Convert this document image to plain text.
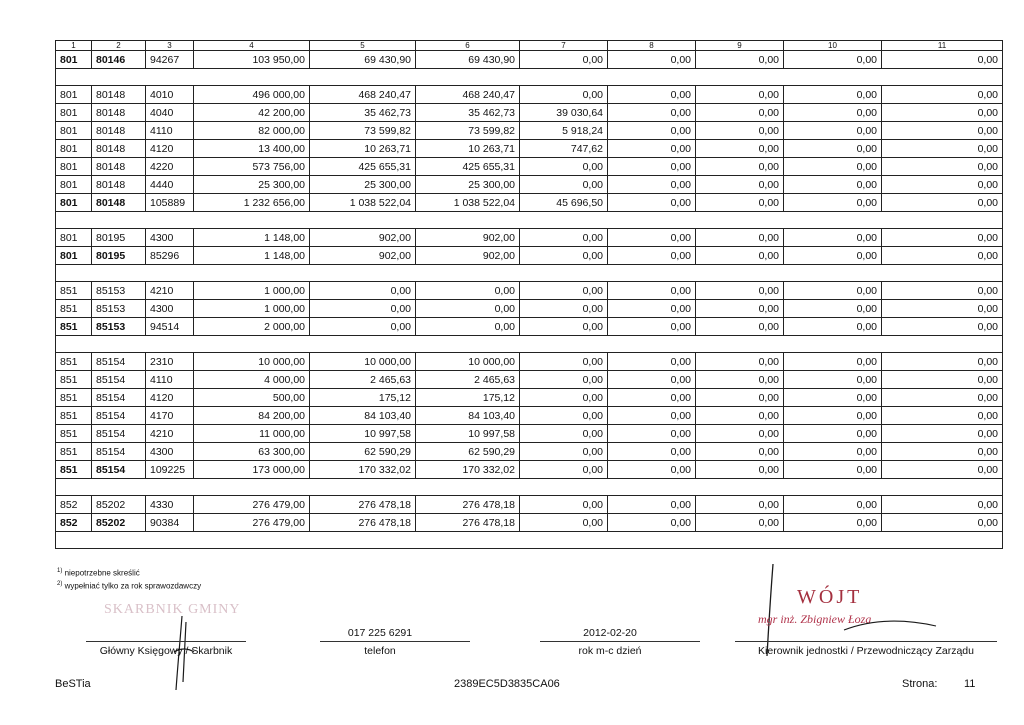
1	2	3	4	5	6	7	8	9	10	11
801	80146	94267	103 950,00	69 430,90	69 430,90	0,00	0,00	0,00	0,00	0,00

801	80148	4010	496 000,00	468 240,47	468 240,47	0,00	0,00	0,00	0,00	0,00
801	80148	4040	42 200,00	35 462,73	35 462,73	39 030,64	0,00	0,00	0,00	0,00
801	80148	4110	82 000,00	73 599,82	73 599,82	5 918,24	0,00	0,00	0,00	0,00
801	80148	4120	13 400,00	10 263,71	10 263,71	747,62	0,00	0,00	0,00	0,00
801	80148	4220	573 756,00	425 655,31	425 655,31	0,00	0,00	0,00	0,00	0,00
801	80148	4440	25 300,00	25 300,00	25 300,00	0,00	0,00	0,00	0,00	0,00
801	80148	105889	1 232 656,00	1 038 522,04	1 038 522,04	45 696,50	0,00	0,00	0,00	0,00

801	80195	4300	1 148,00	902,00	902,00	0,00	0,00	0,00	0,00	0,00
801	80195	85296	1 148,00	902,00	902,00	0,00	0,00	0,00	0,00	0,00

851	85153	4210	1 000,00	0,00	0,00	0,00	0,00	0,00	0,00	0,00
851	85153	4300	1 000,00	0,00	0,00	0,00	0,00	0,00	0,00	0,00
851	85153	94514	2 000,00	0,00	0,00	0,00	0,00	0,00	0,00	0,00

851	85154	2310	10 000,00	10 000,00	10 000,00	0,00	0,00	0,00	0,00	0,00
851	85154	4110	4 000,00	2 465,63	2 465,63	0,00	0,00	0,00	0,00	0,00
851	85154	4120	500,00	175,12	175,12	0,00	0,00	0,00	0,00	0,00
851	85154	4170	84 200,00	84 103,40	84 103,40	0,00	0,00	0,00	0,00	0,00
851	85154	4210	11 000,00	10 997,58	10 997,58	0,00	0,00	0,00	0,00	0,00
851	85154	4300	63 300,00	62 590,29	62 590,29	0,00	0,00	0,00	0,00	0,00
851	85154	109225	173 000,00	170 332,02	170 332,02	0,00	0,00	0,00	0,00	0,00

852	85202	4330	276 479,00	276 478,18	276 478,18	0,00	0,00	0,00	0,00	0,00
852	85202	90384	276 479,00	276 478,18	276 478,18	0,00	0,00	0,00	0,00	0,00

$^{1)}$ niepotrzebne skreślić
$^{2)}$ wypełniać tylko za rok sprawozdawczy
SKARBNIK GMINY
Główny Księgowy / Skarbnik
017 225 6291
telefon
2012-02-20
rok m-c dzień
WÓJT
mgr inż. Zbigniew Łoza
Kierownik jednostki / Przewodniczący Zarządu
BeSTia	2389EC5D3835CA06	Strona: 11
